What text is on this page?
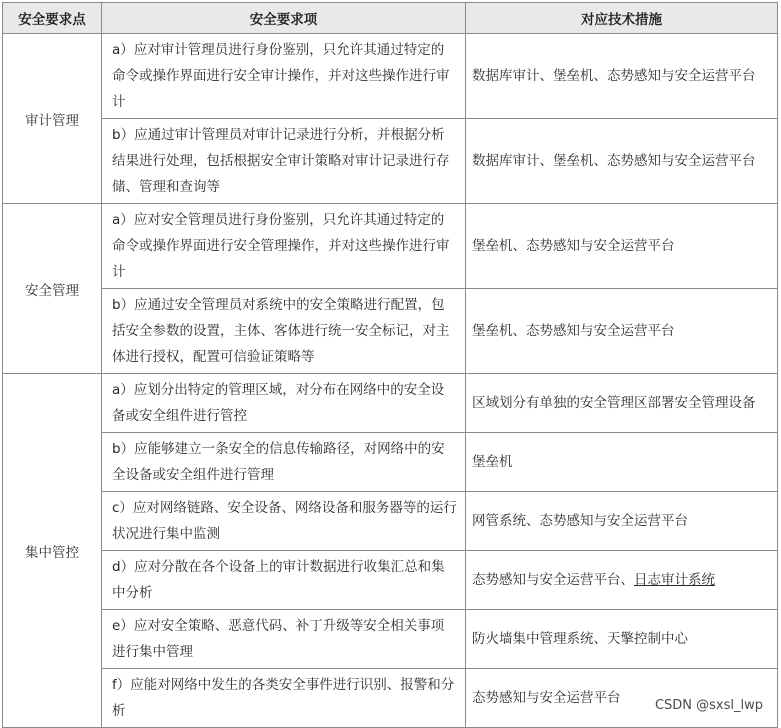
安全要求点	安全要求项	对应技术措施
审计管理	a）应对审计管理员进行身份鉴别，只允许其通过特定的命令或操作界面进行安全审计操作，并对这些操作进行审计	数据库审计、堡垒机、态势感知与安全运营平台
	b）应通过审计管理员对审计记录进行分析，并根据分析结果进行处理，包括根据安全审计策略对审计记录进行存储、管理和查询等	数据库审计、堡垒机、态势感知与安全运营平台
安全管理	a）应对安全管理员进行身份鉴别，只允许其通过特定的命令或操作界面进行安全管理操作，并对这些操作进行审计	堡垒机、态势感知与安全运营平台
	b）应通过安全管理员对系统中的安全策略进行配置，包括安全参数的设置，主体、客体进行统一安全标记，对主体进行授权，配置可信验证策略等	堡垒机、态势感知与安全运营平台
集中管控	a）应划分出特定的管理区域，对分布在网络中的安全设备或安全组件进行管控	区域划分有单独的安全管理区部署安全管理设备
	b）应能够建立一条安全的信息传输路径，对网络中的安全设备或安全组件进行管理	堡垒机
	c）应对网络链路、安全设备、网络设备和服务器等的运行状况进行集中监测	网管系统、态势感知与安全运营平台
	d）应对分散在各个设备上的审计数据进行收集汇总和集中分析	态势感知与安全运营平台、日志审计系统
	e）应对安全策略、恶意代码、补丁升级等安全相关事项进行集中管理	防火墙集中管理系统、天擎控制中心
	f）应能对网络中发生的各类安全事件进行识别、报警和分析	态势感知与安全运营平台	CSDN @sxsl_lwp
